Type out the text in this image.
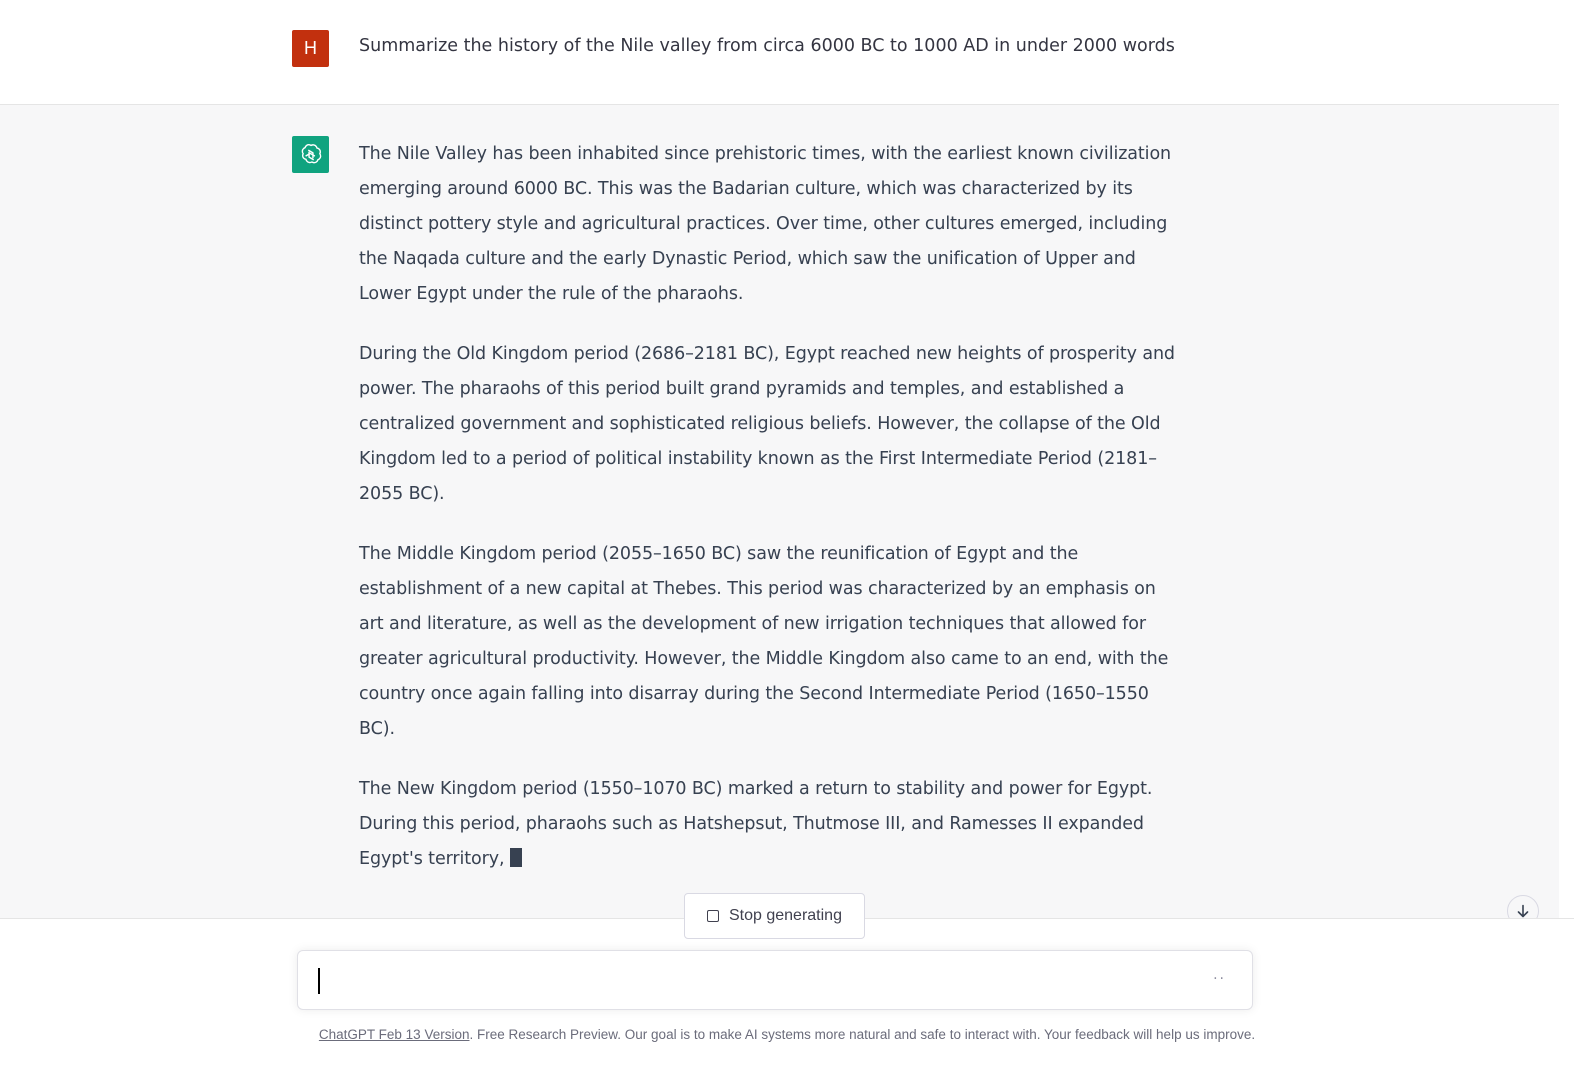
H	Summarize the history of the Nile valley from circa 6000 BC to 1000 AD in under 2000 words

The Nile Valley has been inhabited since prehistoric times, with the earliest known civilization emerging around 6000 BC. This was the Badarian culture, which was characterized by its distinct pottery style and agricultural practices. Over time, other cultures emerged, including the Naqada culture and the early Dynastic Period, which saw the unification of Upper and Lower Egypt under the rule of the pharaohs.

During the Old Kingdom period (2686–2181 BC), Egypt reached new heights of prosperity and power. The pharaohs of this period built grand pyramids and temples, and established a centralized government and sophisticated religious beliefs. However, the collapse of the Old Kingdom led to a period of political instability known as the First Intermediate Period (2181–2055 BC).

The Middle Kingdom period (2055–1650 BC) saw the reunification of Egypt and the establishment of a new capital at Thebes. This period was characterized by an emphasis on art and literature, as well as the development of new irrigation techniques that allowed for greater agricultural productivity. However, the Middle Kingdom also came to an end, with the country once again falling into disarray during the Second Intermediate Period (1650–1550 BC).

The New Kingdom period (1550–1070 BC) marked a return to stability and power for Egypt. During this period, pharaohs such as Hatshepsut, Thutmose III, and Ramesses II expanded Egypt's territory,

Stop generating
··
ChatGPT Feb 13 Version. Free Research Preview. Our goal is to make AI systems more natural and safe to interact with. Your feedback will help us improve.
